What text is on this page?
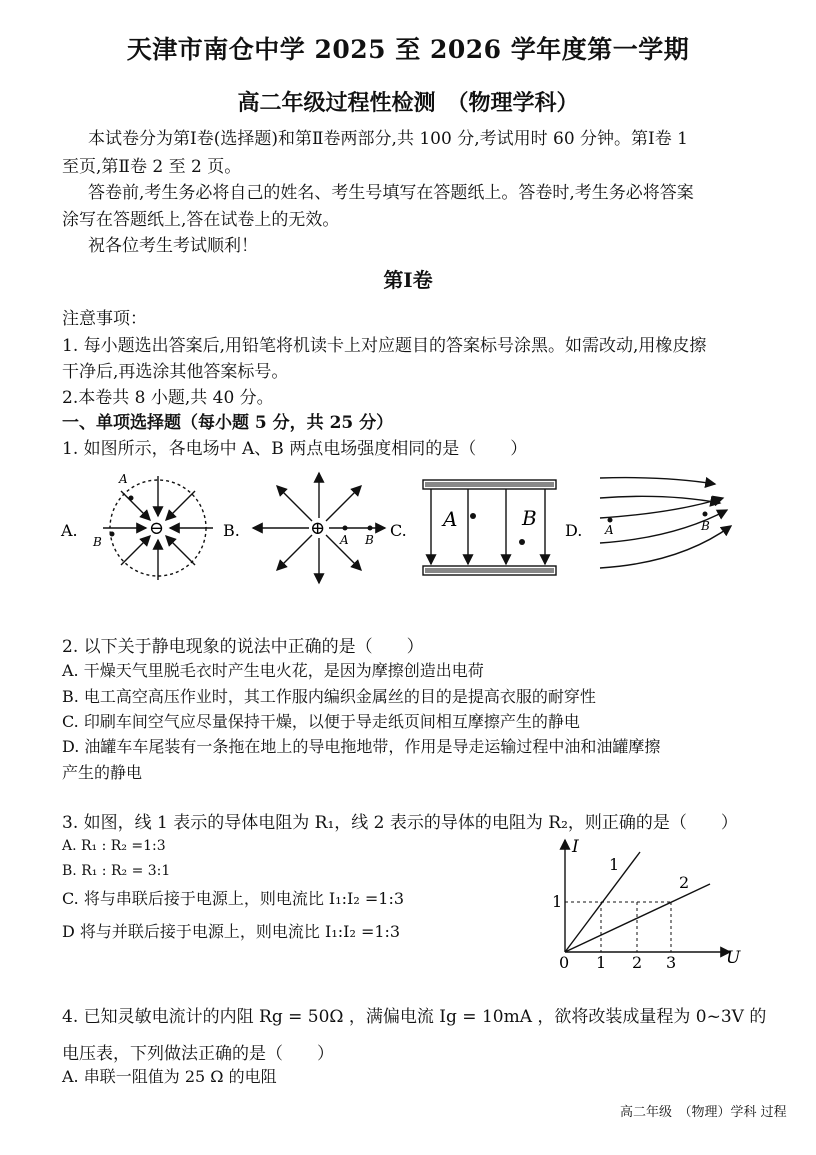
天津市南仓中学 2025 至 2026 学年度第一学期
高二年级过程性检测　（物理学科）
本试卷分为第Ⅰ卷(选择题)和第Ⅱ卷两部分,共 100 分,考试用时 60 分钟。第Ⅰ卷 1
至页,第Ⅱ卷 2 至 2 页。
答卷前,考生务必将自己的姓名、考生号填写在答题纸上。答卷时,考生务必将答案
涂写在答题纸上,答在试卷上的无效。
祝各位考生考试顺利！
第Ⅰ卷
注意事项：
1. 每小题选出答案后,用铅笔将机读卡上对应题目的答案标号涂黑。如需改动,用橡皮擦
干净后,再选涂其他答案标号。
2.本卷共 8 小题,共 40 分。
一、单项选择题（每小题 5 分，共 25 分）
1. 如图所示，各电场中 A、B 两点电场强度相同的是（　　）
A.
A
B
⊖	B.	A B
⊕	C. A	B
D. A	B
2. 以下关于静电现象的说法中正确的是（　　）
A. 干燥天气里脱毛衣时产生电火花，是因为摩擦创造出电荷
B. 电工高空高压作业时，其工作服内编织金属丝的目的是提高衣服的耐穿性
C. 印刷车间空气应尽量保持干燥，以便于导走纸页间相互摩擦产生的静电
D. 油罐车车尾装有一条拖在地上的导电拖地带，作用是导走运输过程中油和油罐摩擦
产生的静电
3. 如图，线 1 表示的导体电阻为 R₁，线 2 表示的导体的电阻为 R₂，则正确的是（　　）
A. R₁ : R₂ =1:3
B. R₁ : R₂ = 3:1
C. 将与串联后接于电源上，则电流比 I₁:I₂ =1:3
D 将与并联后接于电源上，则电流比 I₁:I₂ =1:3
I
U
0 1 2 3
1
1
2
4. 已知灵敏电流计的内阻 Rg = 50Ω ，满偏电流 Ig = 10mA ，欲将改装成量程为 0~3V 的
电压表，下列做法正确的是（　　）
A. 串联一阻值为 25 Ω 的电阻
高二年级　（物理）学科 过程
